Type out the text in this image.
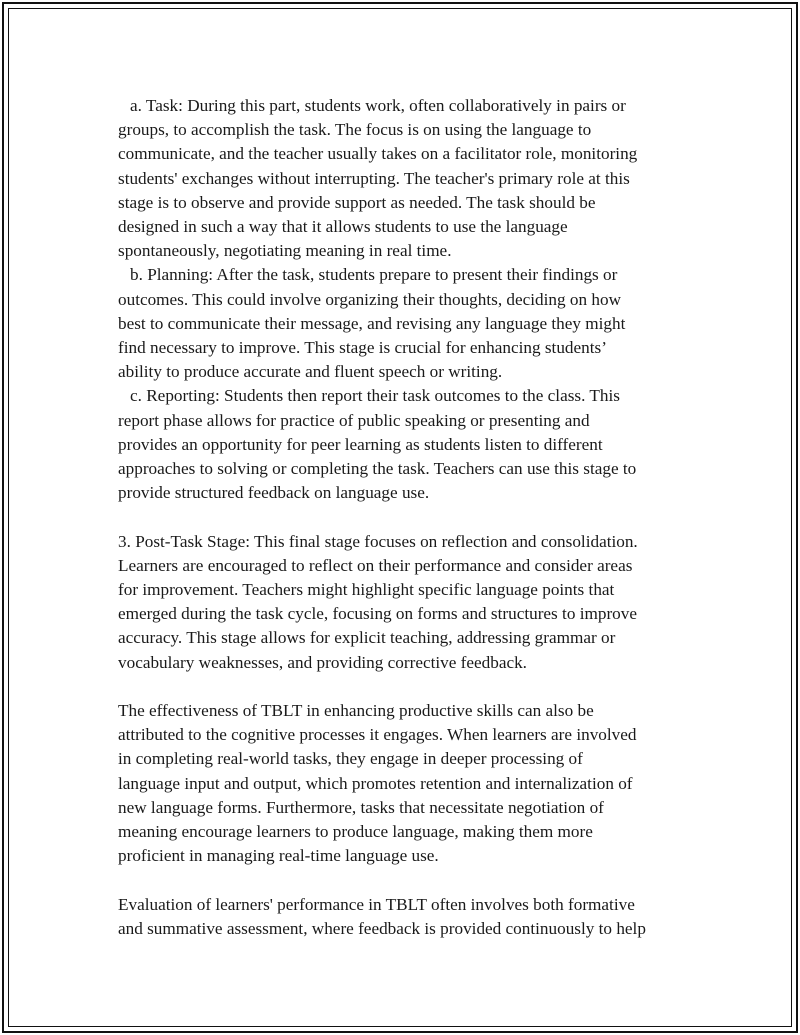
a. Task: During this part, students work, often collaboratively in pairs or
groups, to accomplish the task. The focus is on using the language to
communicate, and the teacher usually takes on a facilitator role, monitoring
students' exchanges without interrupting. The teacher's primary role at this
stage is to observe and provide support as needed. The task should be
designed in such a way that it allows students to use the language
spontaneously, negotiating meaning in real time.
b. Planning: After the task, students prepare to present their findings or
outcomes. This could involve organizing their thoughts, deciding on how
best to communicate their message, and revising any language they might
find necessary to improve. This stage is crucial for enhancing students’
ability to produce accurate and fluent speech or writing.
c. Reporting: Students then report their task outcomes to the class. This
report phase allows for practice of public speaking or presenting and
provides an opportunity for peer learning as students listen to different
approaches to solving or completing the task. Teachers can use this stage to
provide structured feedback on language use.
3. Post-Task Stage: This final stage focuses on reflection and consolidation.
Learners are encouraged to reflect on their performance and consider areas
for improvement. Teachers might highlight specific language points that
emerged during the task cycle, focusing on forms and structures to improve
accuracy. This stage allows for explicit teaching, addressing grammar or
vocabulary weaknesses, and providing corrective feedback.
The effectiveness of TBLT in enhancing productive skills can also be
attributed to the cognitive processes it engages. When learners are involved
in completing real-world tasks, they engage in deeper processing of
language input and output, which promotes retention and internalization of
new language forms. Furthermore, tasks that necessitate negotiation of
meaning encourage learners to produce language, making them more
proficient in managing real-time language use.
Evaluation of learners' performance in TBLT often involves both formative
and summative assessment, where feedback is provided continuously to help
